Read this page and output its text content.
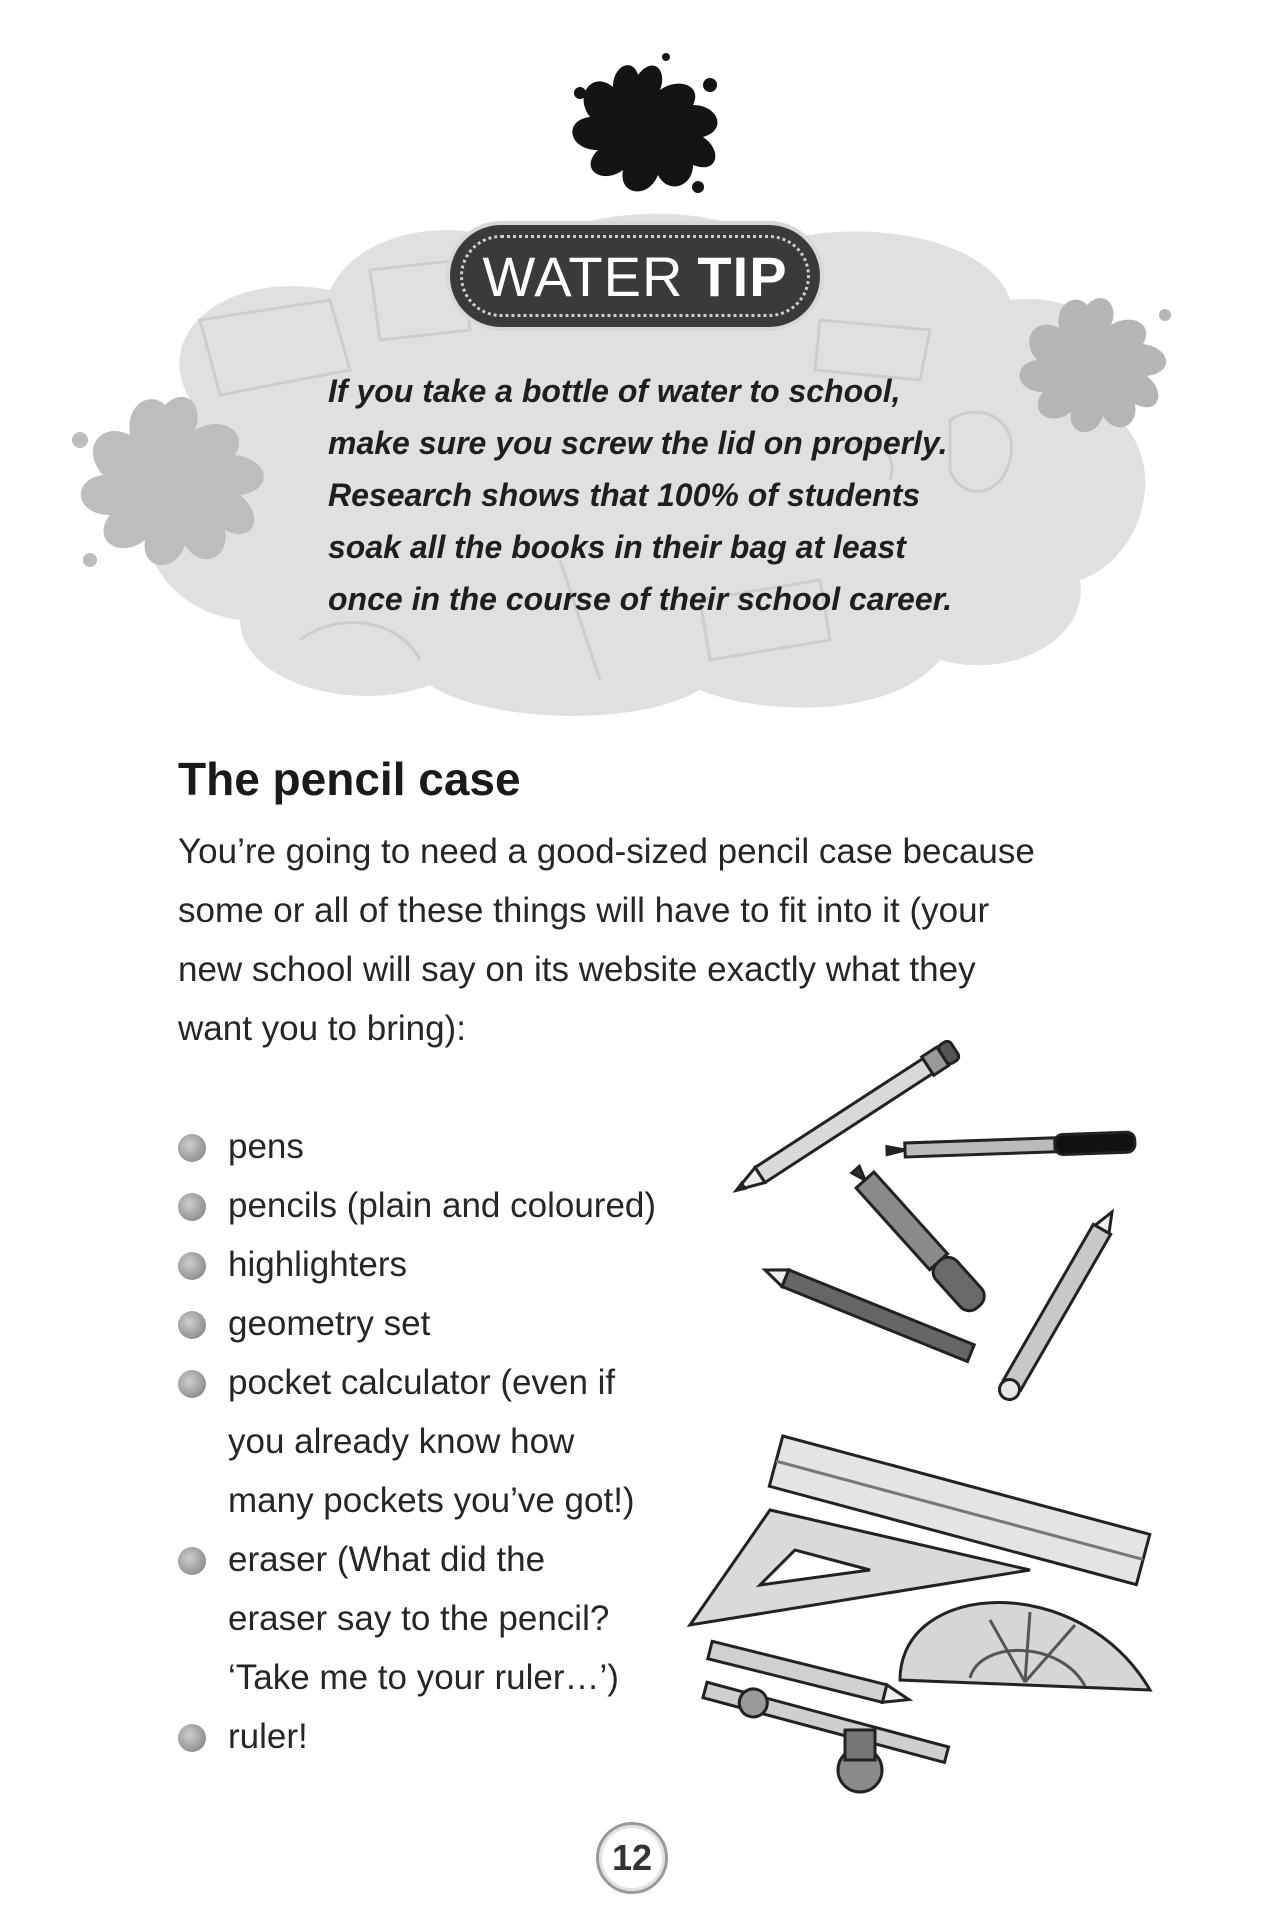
WATER TIP
If you take a bottle of water to school,
make sure you screw the lid on properly.
Research shows that 100% of students
soak all the books in their bag at least
once in the course of their school career.
The pencil case
You’re going to need a good-sized pencil case because
some or all of these things will have to fit into it (your
new school will say on its website exactly what they
want you to bring):
pens
pencils (plain and coloured)
highlighters
geometry set
pocket calculator (even if
you already know how
many pockets you’ve got!)
eraser (What did the
eraser say to the pencil?
‘Take me to your ruler…’)
ruler!
12
